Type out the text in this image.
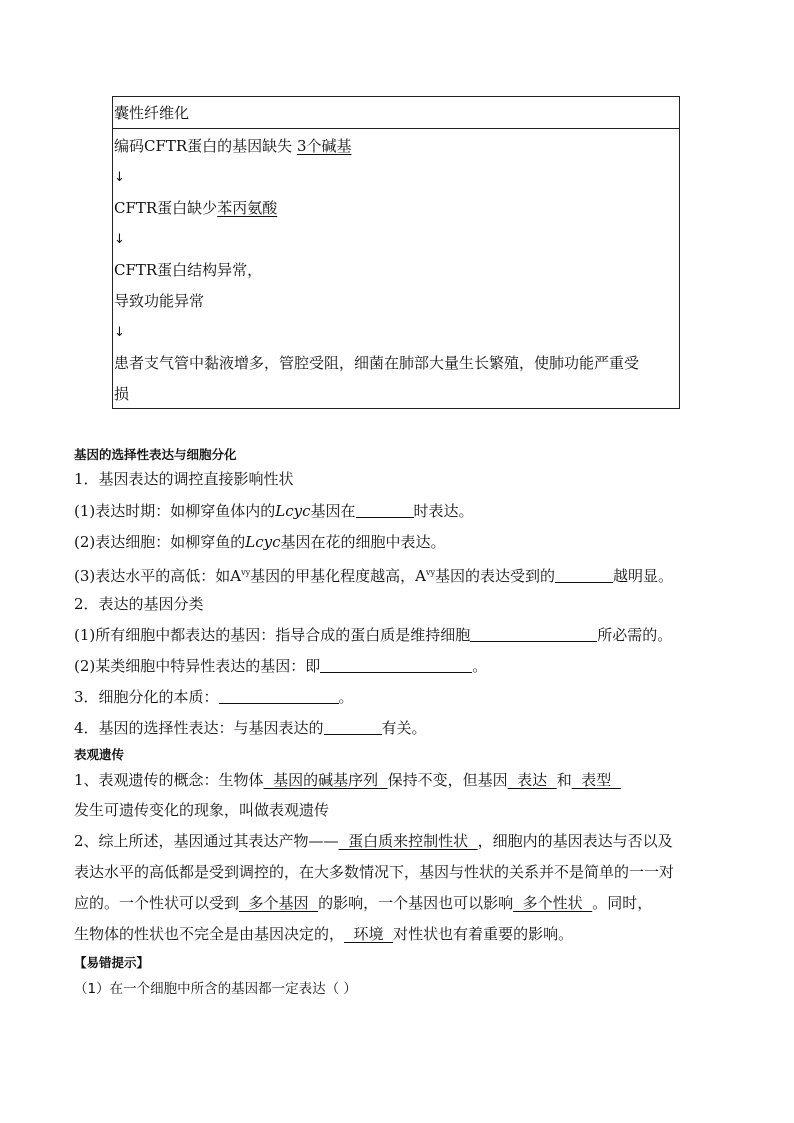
囊性纤维化
编码CFTR蛋白的基因缺失 3个碱基
↓
CFTR蛋白缺少苯丙氨酸
↓
CFTR蛋白结构异常，
导致功能异常
↓
患者支气管中黏液增多，管腔受阻，细菌在肺部大量生长繁殖，使肺功能严重受
损
基因的选择性表达与细胞分化
1．基因表达的调控直接影响性状
(1)表达时期：如柳穿鱼体内的Lcyc基因在	时表达。
(2)表达细胞：如柳穿鱼的Lcyc基因在花的细胞中表达。
(3)表达水平的高低：如$A^{vy}$基因的甲基化程度越高，$A^{vy}$基因的表达受到的	越明显。
2．表达的基因分类
(1)所有细胞中都表达的基因：指导合成的蛋白质是维持细胞	所必需的。
(2)某类细胞中特异性表达的基因：即	。
3．细胞分化的本质：	。
4．基因的选择性表达：与基因表达的	有关。
表观遗传
1、表观遗传的概念：生物体  基因的碱基序列  保持不变，但基因  表达  和  表型
发生可遗传变化的现象，叫做表观遗传
2、综上所述，基因通过其表达产物——  蛋白质来控制性状  ，细胞内的基因表达与否以及
表达水平的高低都是受到调控的，在大多数情况下，基因与性状的关系并不是简单的一一对
应的。一个性状可以受到  多个基因  的影响，一个基因也可以影响  多个性状  。同时，
生物体的性状也不完全是由基因决定的，  环境  对性状也有着重要的影响。
【易错提示】
（1）在一个细胞中所含的基因都一定表达（ ）
